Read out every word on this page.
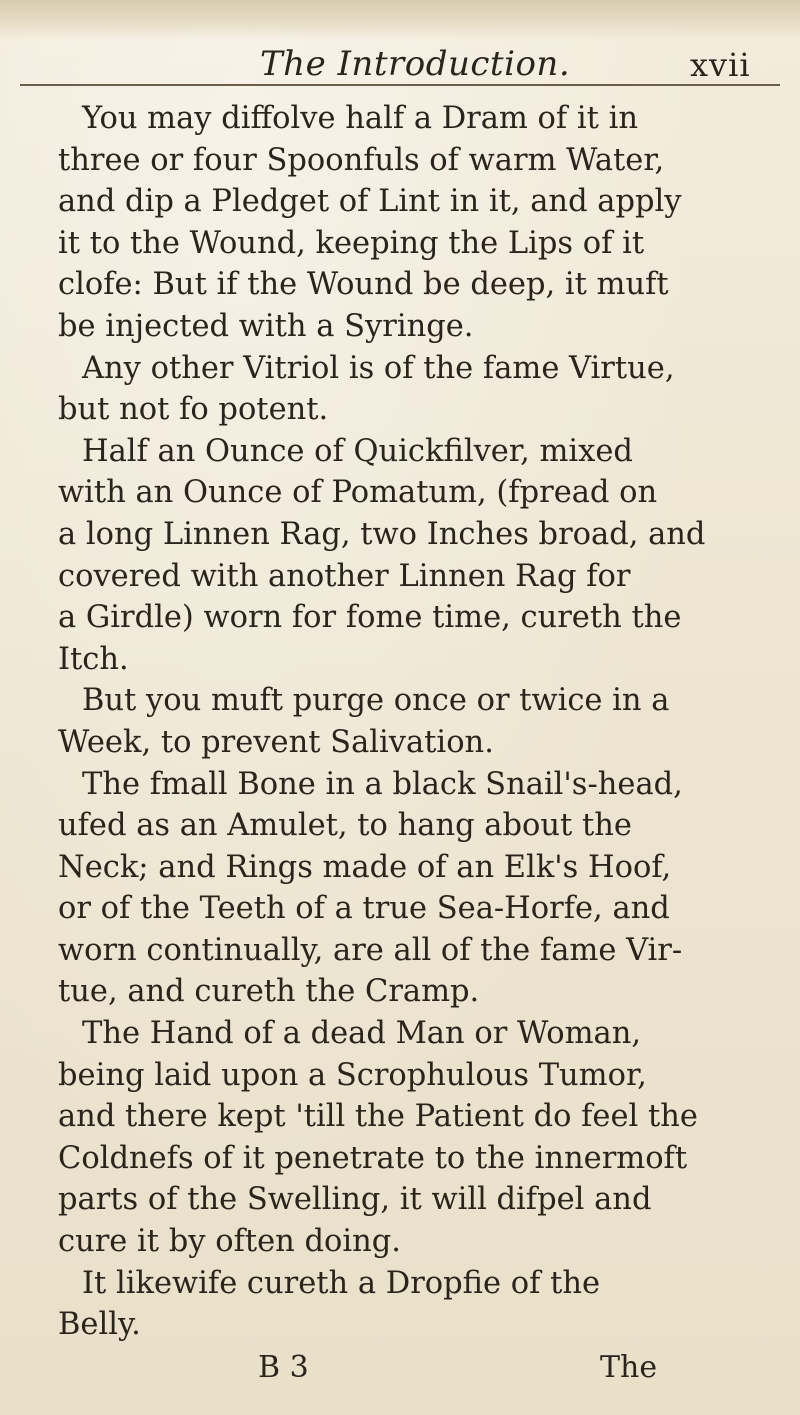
The Introduction.	xvii
You may diffolve half a Dram of it in
three or four Spoonfuls of warm Water,
and dip a Pledget of Lint in it, and apply
it to the Wound, keeping the Lips of it
clofe: But if the Wound be deep, it muft
be injected with a Syringe.
Any other Vitriol is of the fame Virtue,
but not fo potent.
Half an Ounce of Quickfilver, mixed
with an Ounce of Pomatum, (fpread on
a long Linnen Rag, two Inches broad, and
covered with another Linnen Rag for
a Girdle) worn for fome time, cureth the
Itch.
But you muft purge once or twice in a
Week, to prevent Salivation.
The fmall Bone in a black Snail's-head,
ufed as an Amulet, to hang about the
Neck; and Rings made of an Elk's Hoof,
or of the Teeth of a true Sea-Horfe, and
worn continually, are all of the fame Vir-
tue, and cureth the Cramp.
The Hand of a dead Man or Woman,
being laid upon a Scrophulous Tumor,
and there kept 'till the Patient do feel the
Coldnefs of it penetrate to the innermoft
parts of the Swelling, it will difpel and
cure it by often doing.
It likewife cureth a Dropfie of the
Belly.
B 3	The
